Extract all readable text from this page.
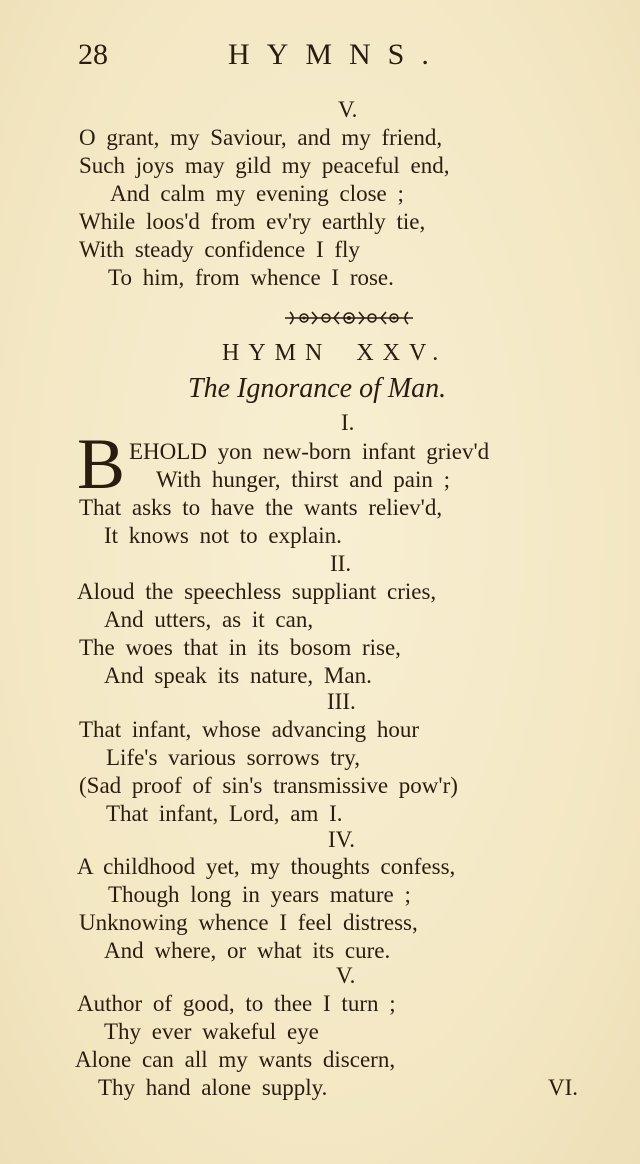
28	HYMNS.
V.
O grant, my Saviour, and my friend,
Such joys may gild my peaceful end,
And calm my evening close ;
While loos'd from ev'ry earthly tie,
With steady confidence I fly
To him, from whence I rose.
HYMN XXV.
The Ignorance of Man.
I.
B EHOLD yon new-born infant griev'd
With hunger, thirst and pain ;
That asks to have the wants reliev'd,
It knows not to explain.
II.
Aloud the speechless suppliant cries,
And utters, as it can,
The woes that in its bosom rise,
And speak its nature, Man.
III.
That infant, whose advancing hour
Life's various sorrows try,
(Sad proof of sin's transmissive pow'r)
That infant, Lord, am I.
IV.
A childhood yet, my thoughts confess,
Though long in years mature ;
Unknowing whence I feel distress,
And where, or what its cure.
V.
Author of good, to thee I turn ;
Thy ever wakeful eye
Alone can all my wants discern,
Thy hand alone supply.	VI.
